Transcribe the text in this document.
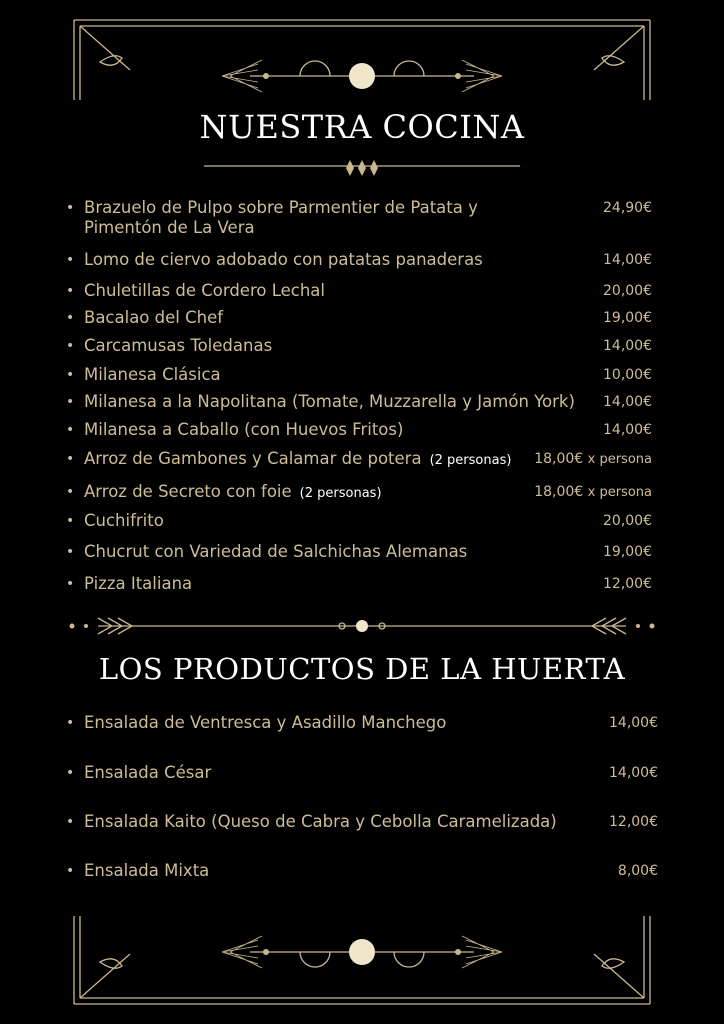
NUESTRA COCINA
LOS PRODUCTOS DE LA HUERTA
• Brazuelo de Pulpo sobre Parmentier de Patata y Pimentón de La Vera
24,90€
• Lomo de ciervo adobado con patatas panaderas	14,00€
• Chuletillas de Cordero Lechal	20,00€
• Bacalao del Chef	19,00€
• Carcamusas Toledanas	14,00€
• Milanesa Clásica	10,00€
• Milanesa a la Napolitana (Tomate, Muzzarella y Jamón York)	14,00€
• Milanesa a Caballo (con Huevos Fritos)	14,00€
• Arroz de Gambones y Calamar de potera (2 personas)	18,00€ x persona
• Arroz de Secreto con foie (2 personas)	18,00€ x persona
• Cuchifrito	20,00€
• Chucrut con Variedad de Salchichas Alemanas	19,00€
• Pizza Italiana	12,00€
• Ensalada de Ventresca y Asadillo Manchego	14,00€
• Ensalada César	14,00€
• Ensalada Kaito (Queso de Cabra y Cebolla Caramelizada)	12,00€
• Ensalada Mixta	8,00€
